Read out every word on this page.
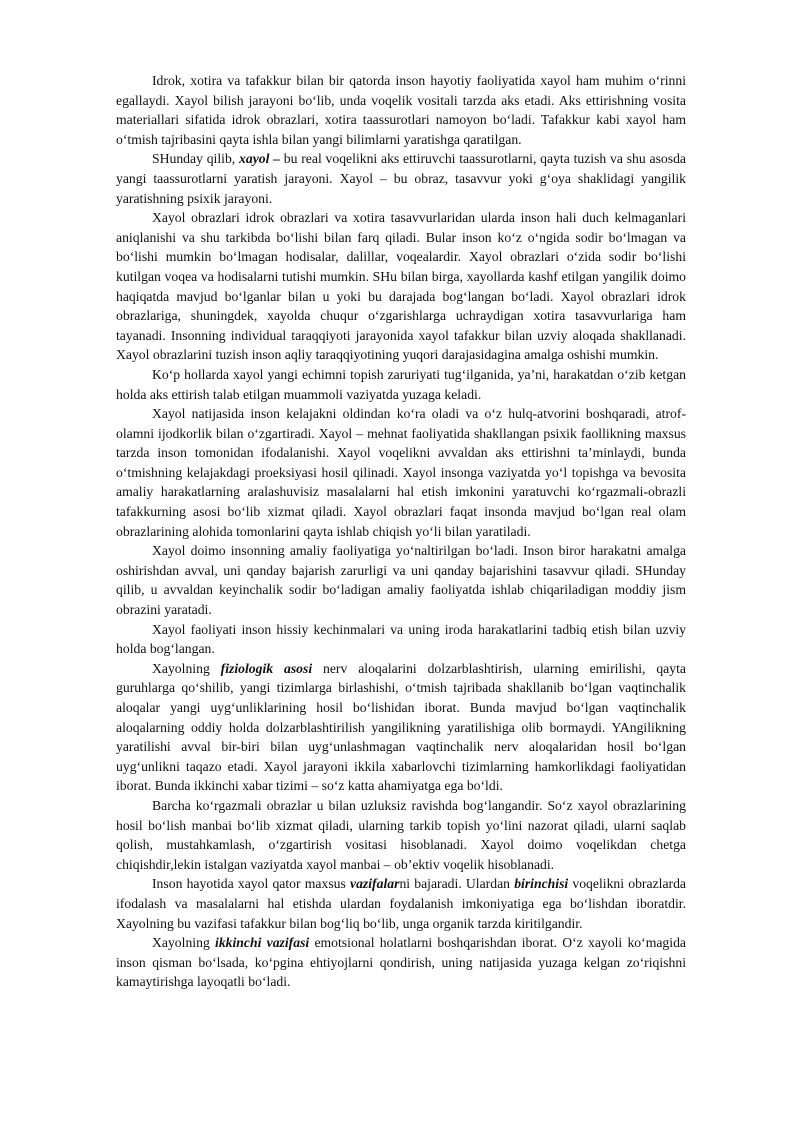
Idrok, xotira va tafakkur bilan bir qatorda inson hayotiy faoliyatida xayol ham muhim oʻrinni egallaydi. Xayol bilish jarayoni boʻlib, unda voqelik vositali tarzda aks etadi. Aks ettirishning vosita materiallari sifatida idrok obrazlari, xotira taassurotlari namoyon boʻladi. Tafakkur kabi xayol ham oʻtmish tajribasini qayta ishla bilan yangi bilimlarni yaratishga qaratilgan.

SHunday qilib, xayol – bu real voqelikni aks ettiruvchi taassurotlarni, qayta tuzish va shu asosda yangi taassurotlarni yaratish jarayoni. Xayol – bu obraz, tasavvur yoki gʻoya shaklidagi yangilik yaratishning psixik jarayoni.

Xayol obrazlari idrok obrazlari va xotira tasavvurlaridan ularda inson hali duch kelmaganlari aniqlanishi va shu tarkibda boʻlishi bilan farq qiladi. Bular inson koʻz oʻngida sodir boʻlmagan va boʻlishi mumkin boʻlmagan hodisalar, dalillar, voqealardir. Xayol obrazlari oʻzida sodir boʻlishi kutilgan voqea va hodisalarni tutishi mumkin. SHu bilan birga, xayollarda kashf etilgan yangilik doimo haqiqatda mavjud boʻlganlar bilan u yoki bu darajada bogʻlangan boʻladi. Xayol obrazlari idrok obrazlariga, shuningdek, xayolda chuqur oʻzgarishlarga uchraydigan xotira tasavvurlariga ham tayanadi. Insonning individual taraqqiyoti jarayonida xayol tafakkur bilan uzviy aloqada shakllanadi. Xayol obrazlarini tuzish inson aqliy taraqqiyotining yuqori darajasidagina amalga oshishi mumkin.

Koʻp hollarda xayol yangi echimni topish zaruriyati tugʻilganida, ya’ni, harakatdan oʻzib ketgan holda aks ettirish talab etilgan muammoli vaziyatda yuzaga keladi.

Xayol natijasida inson kelajakni oldindan koʻra oladi va oʻz hulq-atvorini boshqaradi, atrof-olamni ijodkorlik bilan oʻzgartiradi. Xayol – mehnat faoliyatida shakllangan psixik faollikning maxsus tarzda inson tomonidan ifodalanishi. Xayol voqelikni avvaldan aks ettirishni ta’minlaydi, bunda oʻtmishning kelajakdagi proeksiyasi hosil qilinadi. Xayol insonga vaziyatda yoʻl topishga va bevosita amaliy harakatlarning aralashuvisiz masalalarni hal etish imkonini yaratuvchi koʻrgazmali-obrazli tafakkurning asosi boʻlib xizmat qiladi. Xayol obrazlari faqat insonda mavjud boʻlgan real olam obrazlarining alohida tomonlarini qayta ishlab chiqish yoʻli bilan yaratiladi.

Xayol doimo insonning amaliy faoliyatiga yoʻnaltirilgan boʻladi. Inson biror harakatni amalga oshirishdan avval, uni qanday bajarish zarurligi va uni qanday bajarishini tasavvur qiladi. SHunday qilib, u avvaldan keyinchalik sodir boʻladigan amaliy faoliyatda ishlab chiqariladigan moddiy jism obrazini yaratadi.

Xayol faoliyati inson hissiy kechinmalari va uning iroda harakatlarini tadbiq etish bilan uzviy holda bogʻlangan.

Xayolning fiziologik asosi nerv aloqalarini dolzarblashtirish, ularning emirilishi, qayta guruhlarga qoʻshilib, yangi tizimlarga birlashishi, oʻtmish tajribada shakllanib boʻlgan vaqtinchalik aloqalar yangi uygʻunliklarining hosil boʻlishidan iborat. Bunda mavjud boʻlgan vaqtinchalik aloqalarning oddiy holda dolzarblashtirilish yangilikning yaratilishiga olib bormaydi. YAngilikning yaratilishi avval bir-biri bilan uygʻunlashmagan vaqtinchalik nerv aloqalaridan hosil boʻlgan uygʻunlikni taqazo etadi. Xayol jarayoni ikkila xabarlovchi tizimlarning hamkorlikdagi faoliyatidan iborat. Bunda ikkinchi xabar tizimi – soʻz katta ahamiyatga ega boʻldi.

Barcha koʻrgazmali obrazlar u bilan uzluksiz ravishda bogʻlangandir. Soʻz xayol obrazlarining hosil boʻlish manbai boʻlib xizmat qiladi, ularning tarkib topish yoʻlini nazorat qiladi, ularni saqlab qolish, mustahkamlash, oʻzgartirish vositasi hisoblanadi. Xayol doimo voqelikdan chetga chiqishdir,lekin istalgan vaziyatda xayol manbai – ob’ektiv voqelik hisoblanadi.

Inson hayotida xayol qator maxsus vazifalarni bajaradi. Ulardan birinchisi voqelikni obrazlarda ifodalash va masalalarni hal etishda ulardan foydalanish imkoniyatiga ega boʻlishdan iboratdir. Xayolning bu vazifasi tafakkur bilan bogʻliq boʻlib, unga organik tarzda kiritilgandir.

Xayolning ikkinchi vazifasi emotsional holatlarni boshqarishdan iborat. Oʻz xayoli koʻmagida inson qisman boʻlsada, koʻpgina ehtiyojlarni qondirish, uning natijasida yuzaga kelgan zoʻriqishni kamaytirishga layoqatli boʻladi.
